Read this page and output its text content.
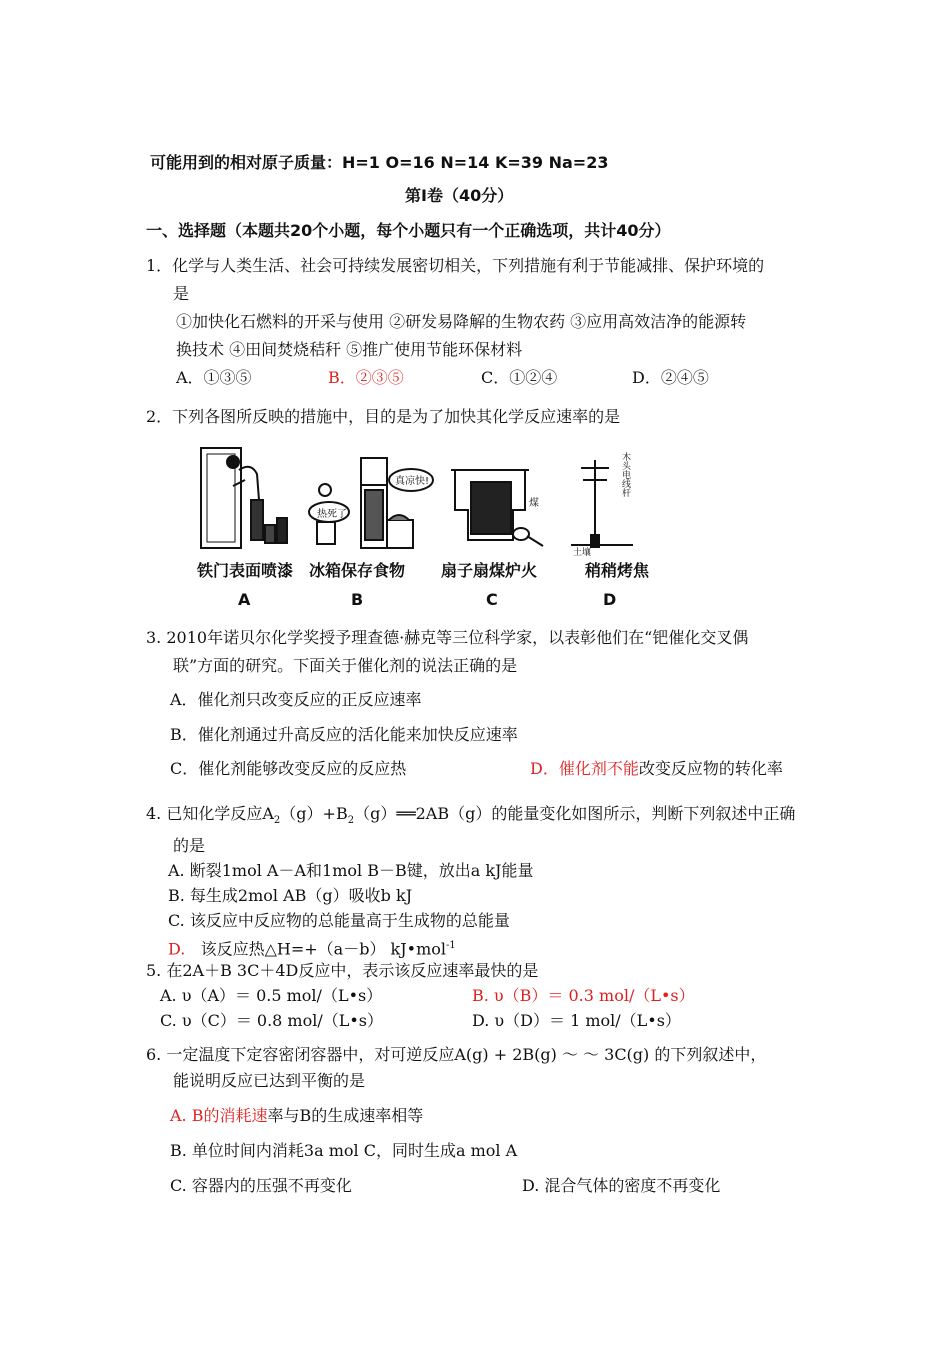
可能用到的相对原子质量：H=1 O=16 N=14 K=39 Na=23
第Ⅰ卷（40分）
一、选择题（本题共20个小题，每个小题只有一个正确选项，共计40分）
1．化学与人类生活、社会可持续发展密切相关，下列措施有利于节能减排、保护环境的
是
①加快化石燃料的开采与使用 ②研发易降解的生物农药 ③应用高效洁净的能源转
换技术 ④田间焚烧秸秆 ⑤推广使用节能环保材料
A．①③⑤	B．②③⑤	C．①②④	D．②④⑤
2．下列各图所反映的措施中，目的是为了加快其化学反应速率的是
热死了
真凉快!
煤
土壤
木头电线杆
铁门表面喷漆 冰箱保存食物 扇子扇煤炉火	稍稍烤焦
A	B	C	D
3. 2010年诺贝尔化学奖授予理查德·赫克等三位科学家，以表彰他们在“钯催化交叉偶
联”方面的研究。下面关于催化剂的说法正确的是
A．催化剂只改变反应的正反应速率
B．催化剂通过升高反应的活化能来加快反应速率
C．催化剂能够改变反应的反应热	D．催化剂不能改变反应物的转化率
4. 已知化学反应$A_2(g)+B_2(g)══2AB(g)$的能量变化如图所示，判断下列叙述中正确
的是
A. 断裂1mol A－A和1mol B－B键，放出a kJ能量
B. 每生成2mol AB（g）吸收b kJ
C. 该反应中反应物的总能量高于生成物的总能量
D. 该反应热△H=+（a－b） kJ•mol$^{-1}$
5. 在2A＋B 3C＋4D反应中，表示该反应速率最快的是
A. υ（A）＝ 0.5 mol/（L•s）	B. υ（B）＝ 0.3 mol/（L•s）
C. υ（C）＝ 0.8 mol/（L•s）	D. υ（D）＝ 1 mol/（L•s）
6. 一定温度下定容密闭容器中，对可逆反应A(g) + 2B(g) ～ ～ 3C(g) 的下列叙述中，
能说明反应已达到平衡的是
A. B的消耗速率与B的生成速率相等
B. 单位时间内消耗3a mol C，同时生成a mol A
C. 容器内的压强不再变化	D. 混合气体的密度不再变化
